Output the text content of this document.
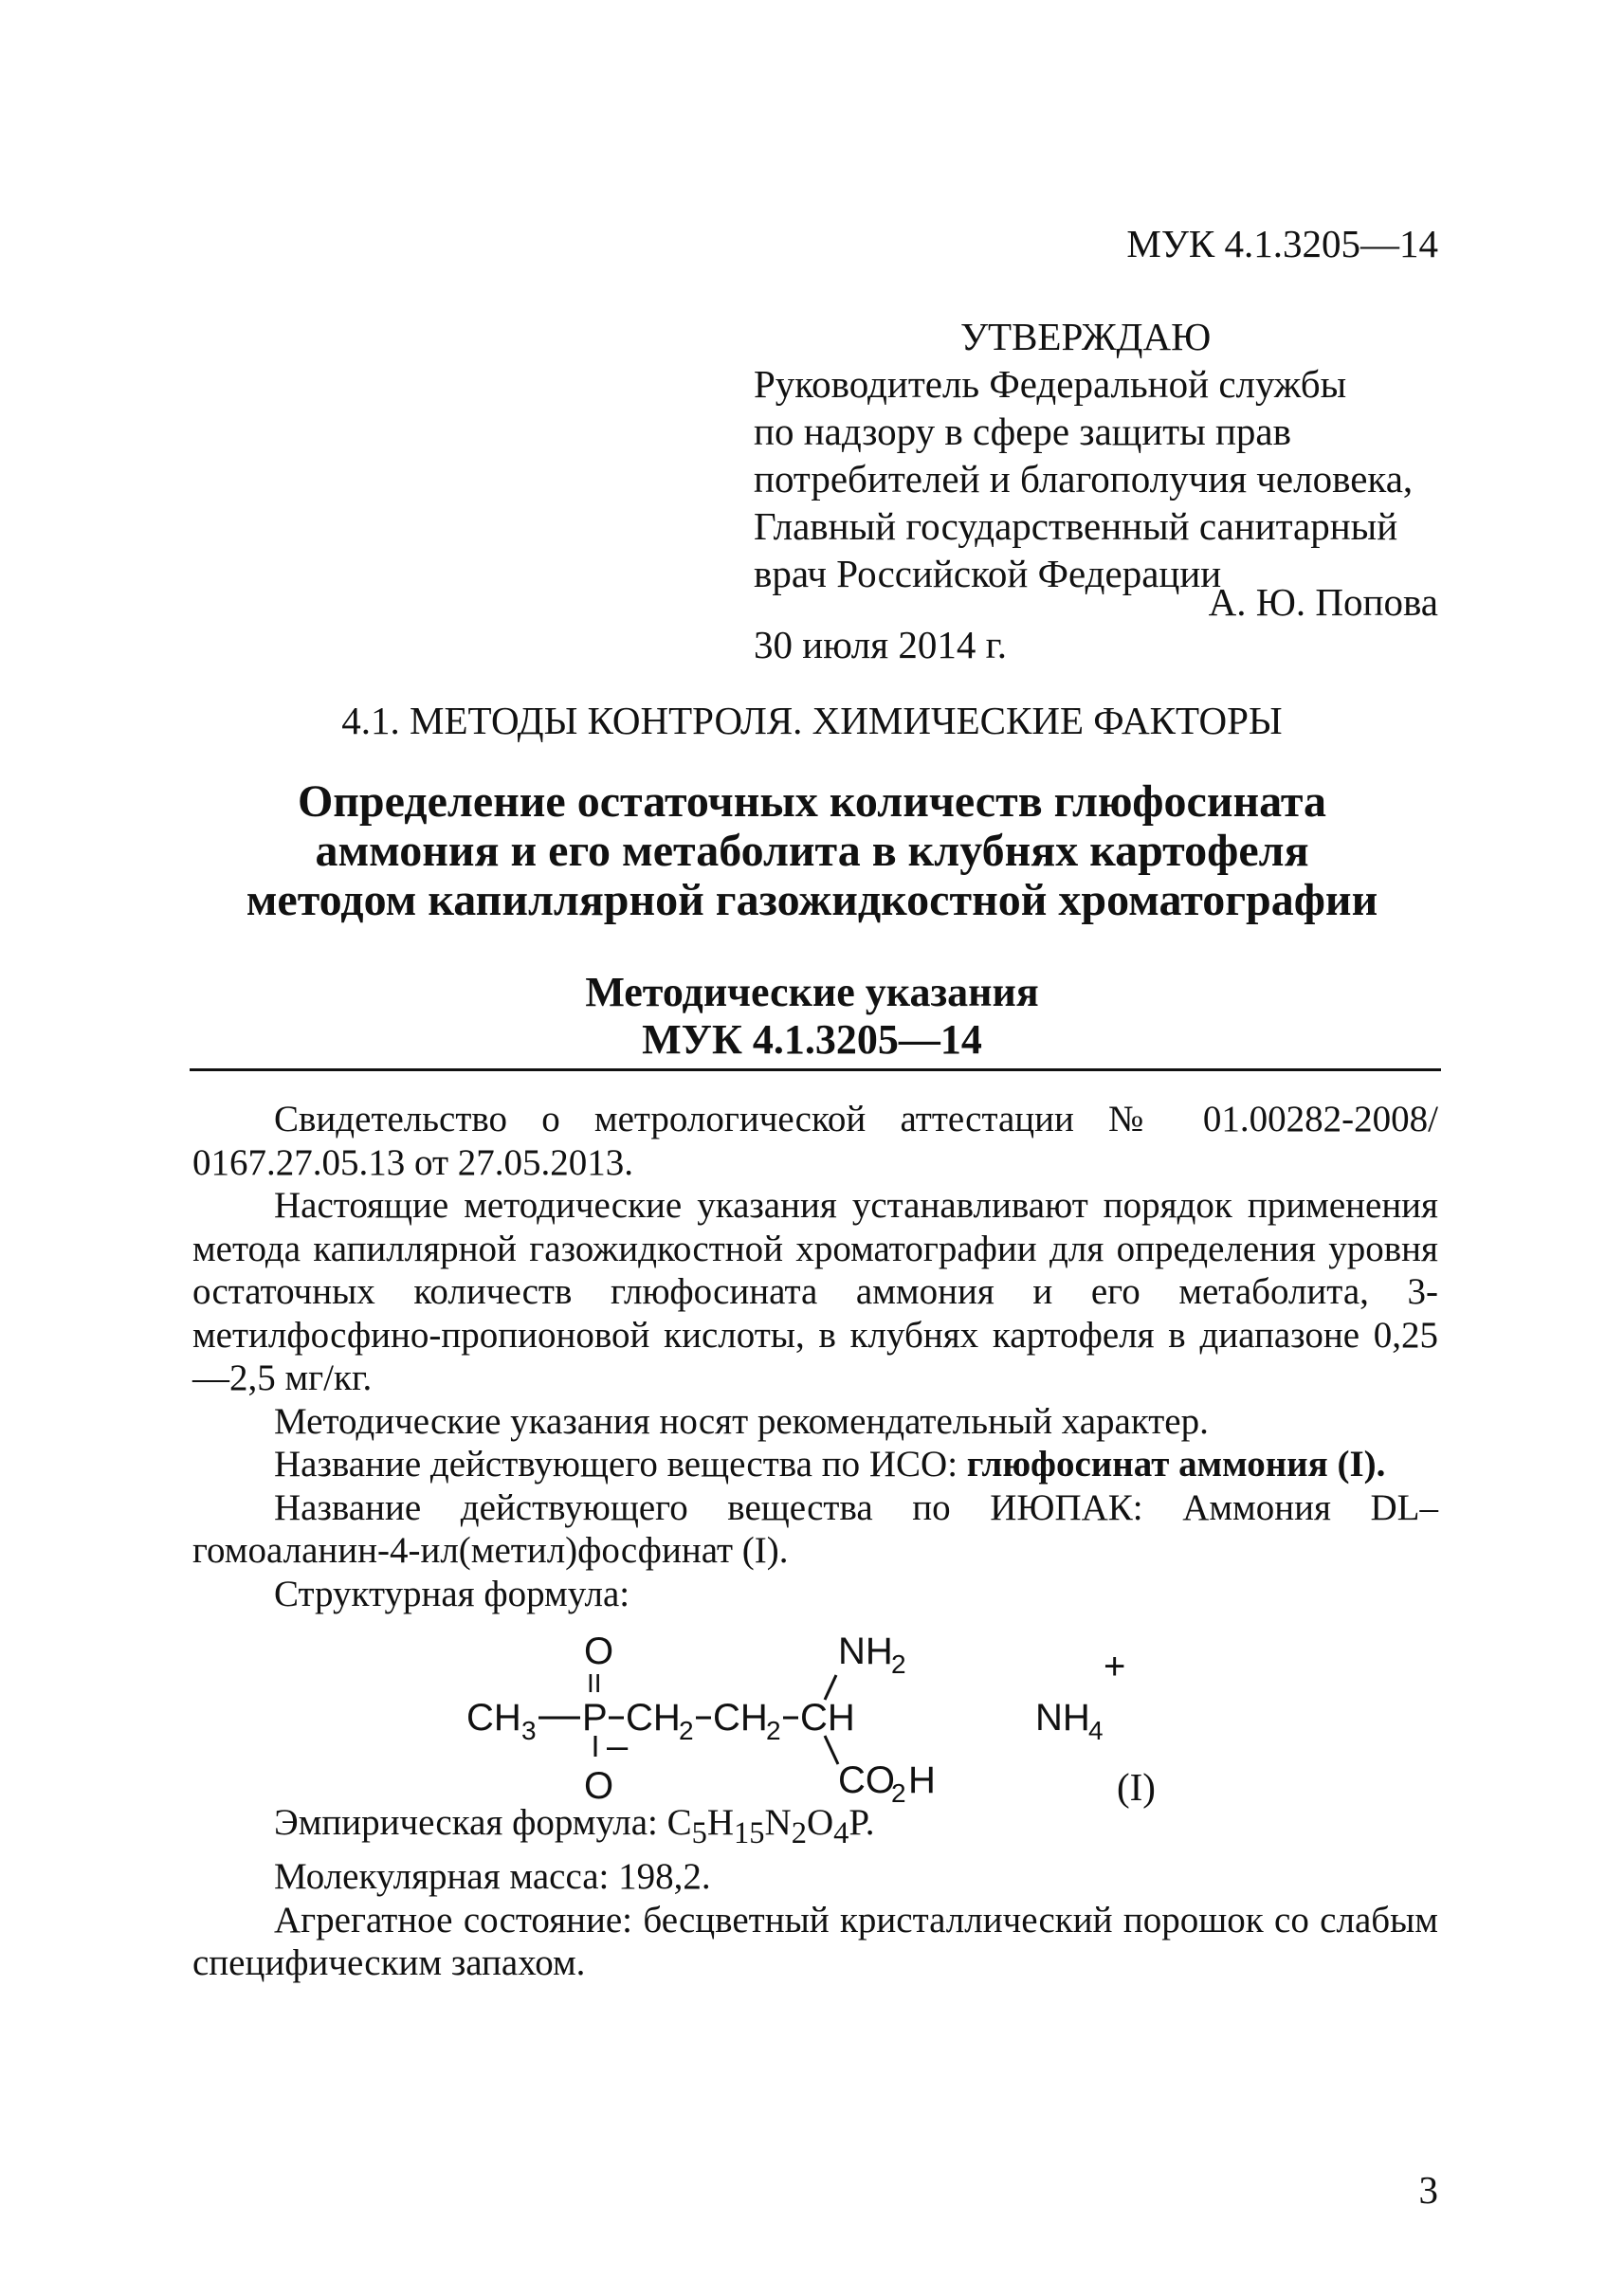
МУК 4.1.3205—14
УТВЕРЖДАЮ
Руководитель Федеральной службы
по надзору в сфере защиты прав
потребителей и благополучия человека,
Главный государственный санитарный
врач Российской Федерации
А. Ю. Попова
30 июля 2014 г.
4.1. МЕТОДЫ КОНТРОЛЯ. ХИМИЧЕСКИЕ ФАКТОРЫ
Определение остаточных количеств глюфосината
аммония и его метаболита в клубнях картофеля
методом капиллярной газожидкостной хроматографии
Методические указания
МУК 4.1.3205—14

Свидетельство о метрологической аттестации № 01.00282-2008/ 0167.27.05.13 от 27.05.2013.

Настоящие методические указания устанавливают порядок применения метода капиллярной газожидкостной хроматографии для определения уровня остаточных количеств глюфосината аммония и его метаболита, 3-метилфосфино-пропионовой кислоты, в клубнях картофеля в диапазоне 0,25—2,5 мг/кг.

Методические указания носят рекомендательный характер.

Название действующего вещества по ИСО: глюфосинат аммония (I).

Название действующего вещества по ИЮПАК: Аммония DL–гомоаланин-4-ил(метил)фосфинат (I).

Структурная формула:

O
II
CH 3 P CH
2 CH
2 CH
NH
2
CO
2 H
–
O
NH
4
+
(I)

Эмпирическая формула: $C_5H_{15}N_2O_4P$.

Молекулярная масса: 198,2.

Агрегатное состояние: бесцветный кристаллический порошок со слабым специфическим запахом.

3
